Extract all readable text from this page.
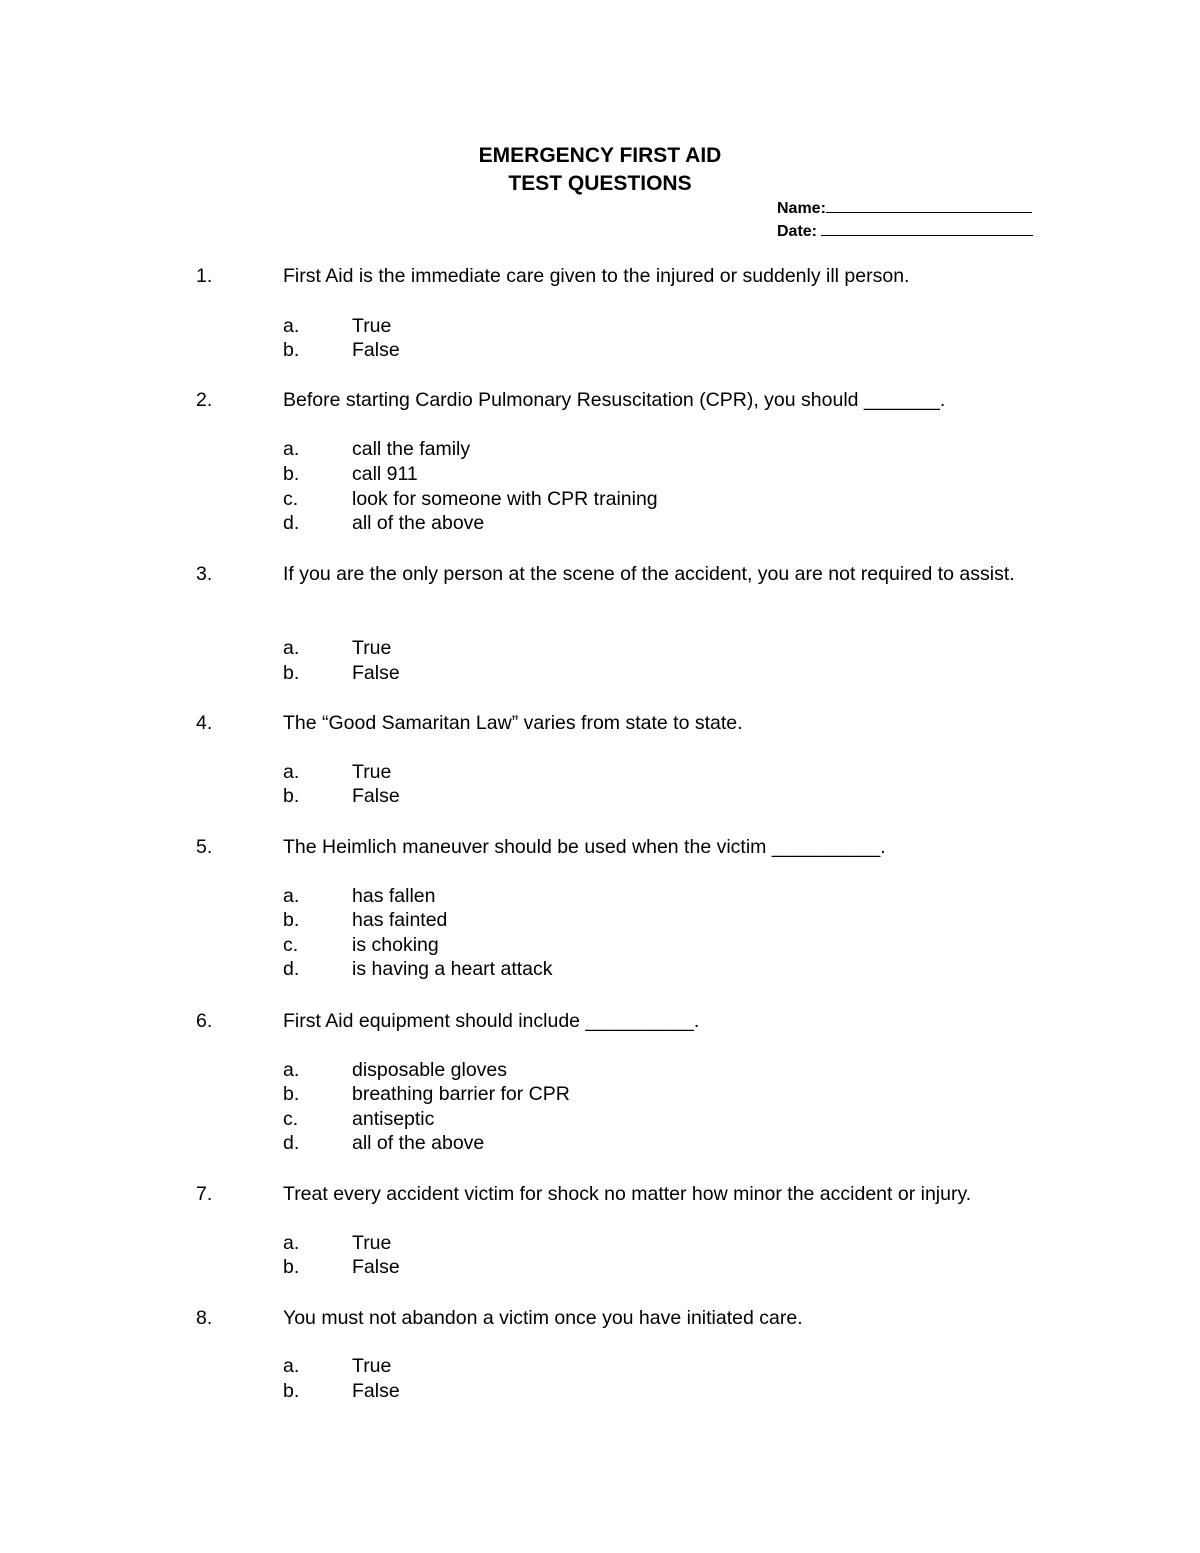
EMERGENCY FIRST AID
TEST QUESTIONS
Name:
Date:
1.	First Aid is the immediate care given to the injured or suddenly ill person.
a.	True
b.	False
2.	Before starting Cardio Pulmonary Resuscitation (CPR), you should _______.
a.	call the family
b.	call 911
c.	look for someone with CPR training
d.	all of the above
3.	If you are the only person at the scene of the accident, you are not required to assist.
a.	True
b.	False
4.	The “Good Samaritan Law” varies from state to state.
a.	True
b.	False
5.	The Heimlich maneuver should be used when the victim __________.
a.	has fallen
b.	has fainted
c.	is choking
d.	is having a heart attack
6.	First Aid equipment should include __________.
a.	disposable gloves
b.	breathing barrier for CPR
c.	antiseptic
d.	all of the above
7.	Treat every accident victim for shock no matter how minor the accident or injury.
a.	True
b.	False
8.	You must not abandon a victim once you have initiated care.
a.	True
b.	False
